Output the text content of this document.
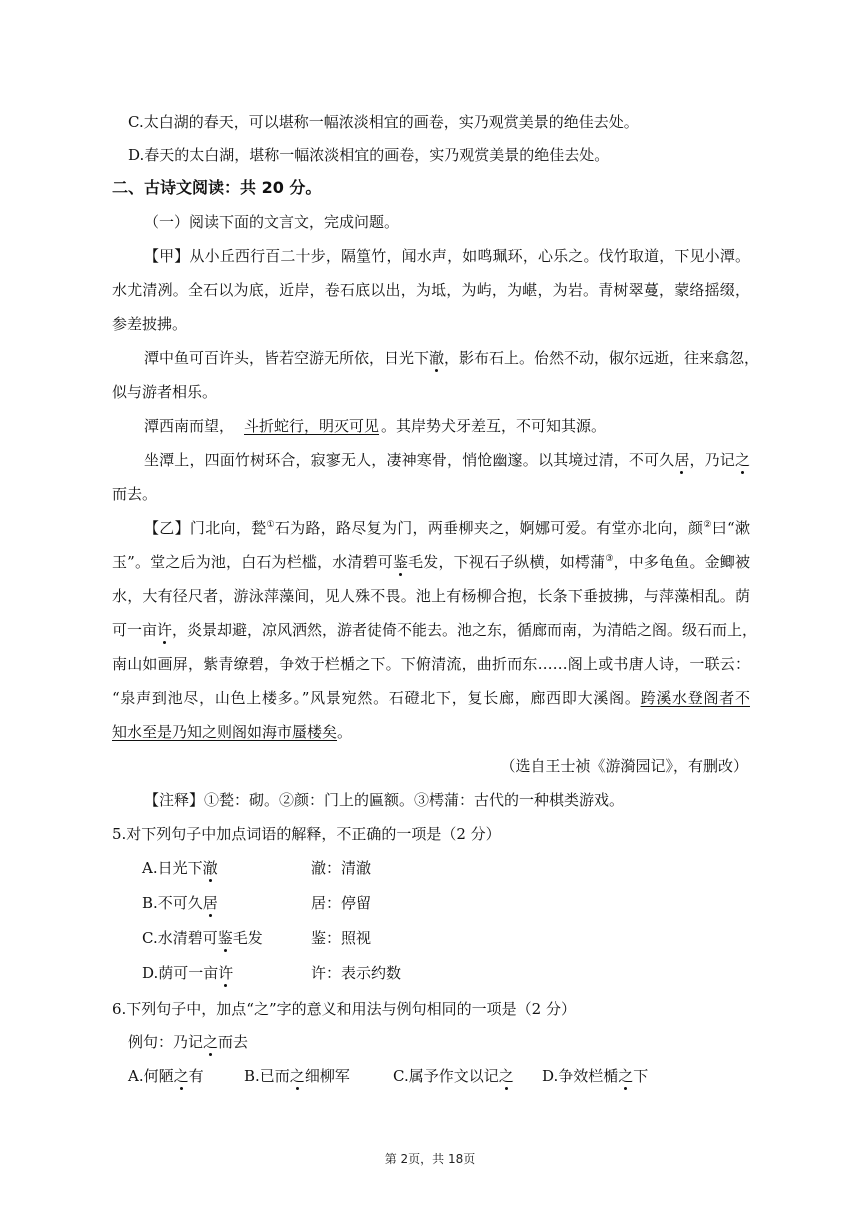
C.太白湖的春天，可以堪称一幅浓淡相宜的画卷，实乃观赏美景的绝佳去处。
D.春天的太白湖，堪称一幅浓淡相宜的画卷，实乃观赏美景的绝佳去处。
二、古诗文阅读：共 20 分。
（一）阅读下面的文言文，完成问题。
【甲】从小丘西行百二十步，隔篁竹，闻水声，如鸣珮环，心乐之。伐竹取道，下见小潭。
水尤清冽。全石以为底，近岸，卷石底以出，为坻，为屿，为嵁，为岩。青树翠蔓，蒙络摇缀，
参差披拂。
潭中鱼可百许头，皆若空游无所依，日光下澈，影布石上。佁然不动，俶尔远逝，往来翕忽，
似与游者相乐。
潭西南而望， 斗折蛇行，明灭可见 。其岸势犬牙差互，不可知其源。
坐潭上，四面竹树环合，寂寥无人，凄神寒骨，悄怆幽邃。以其境过清，不可久居，乃记之
而去。
【乙】门北向，甃①石为路，路尽复为门，两垂柳夹之，婀娜可爱。有堂亦北向，颜②曰“漱
玉”。堂之后为池，白石为栏槛，水清碧可鉴毛发，下视石子纵横，如樗蒲③，中多龟鱼。金鲫被
水，大有径尺者，游泳萍藻间，见人殊不畏。池上有杨柳合抱，长条下垂披拂，与萍藻相乱。荫
可一亩许，炎景却避，凉风洒然，游者徒倚不能去。池之东，循廊而南，为清皓之阁。级石而上，
南山如画屏，紫青缭碧，争效于栏楯之下。下俯清流，曲折而东……阁上或书唐人诗，一联云：
“泉声到池尽，山色上楼多。”风景宛然。石磴北下，复长廊，廊西即大溪阁。跨溪水登阁者不
知水至是乃知之则阁如海市蜃楼矣。
（选自王士祯《游漪园记》，有删改）
【注释】①甃：砌。②颜：门上的匾额。③樗蒲：古代的一种棋类游戏。
5.对下列句子中加点词语的解释，不正确的一项是（2 分）
A.日光下澈	澈：清澈
B.不可久居	居：停留
C.水清碧可鉴毛发	鉴：照视
D.荫可一亩许	许：表示约数
6.下列句子中，加点“之”字的意义和用法与例句相同的一项是（2 分）
例句：乃记之而去
A.何陋之有	B.已而之细柳军	C.属予作文以记之 D.争效栏楯之下
第 2页，共 18页
